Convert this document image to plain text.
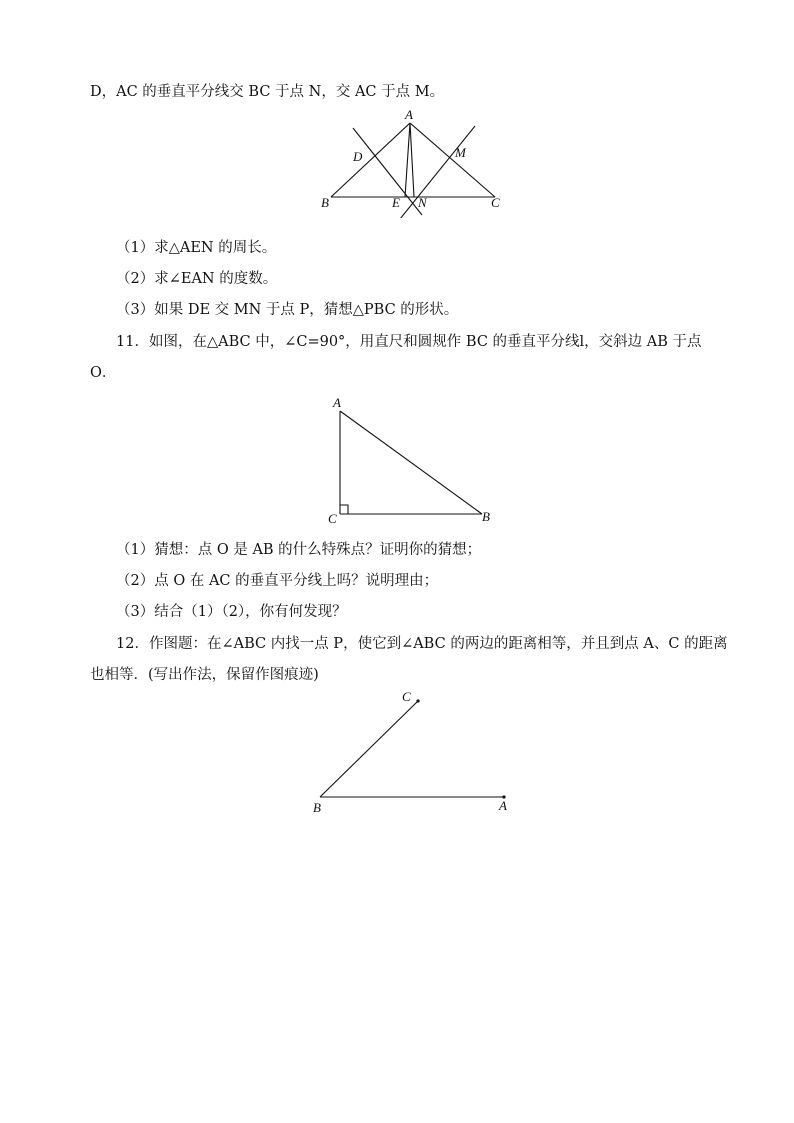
D，AC 的垂直平分线交 BC 于点 N，交 AC 于点 M。
A
D	M
B	E N	C
（1）求△AEN 的周长。
（2）求∠EAN 的度数。
（3）如果 DE 交 MN 于点 P，猜想△PBC 的形状。
11．如图，在△ABC 中，∠C=90°，用直尺和圆规作 BC 的垂直平分线l，交斜边 AB 于点
O．
A
C	B
（1）猜想：点 O 是 AB 的什么特殊点？证明你的猜想；
（2）点 O 在 AC 的垂直平分线上吗？说明理由；
（3）结合（1）（2），你有何发现？
12．作图题：在∠ABC 内找一点 P，使它到∠ABC 的两边的距离相等，并且到点 A、C 的距离
也相等．(写出作法，保留作图痕迹)
C
B	A
